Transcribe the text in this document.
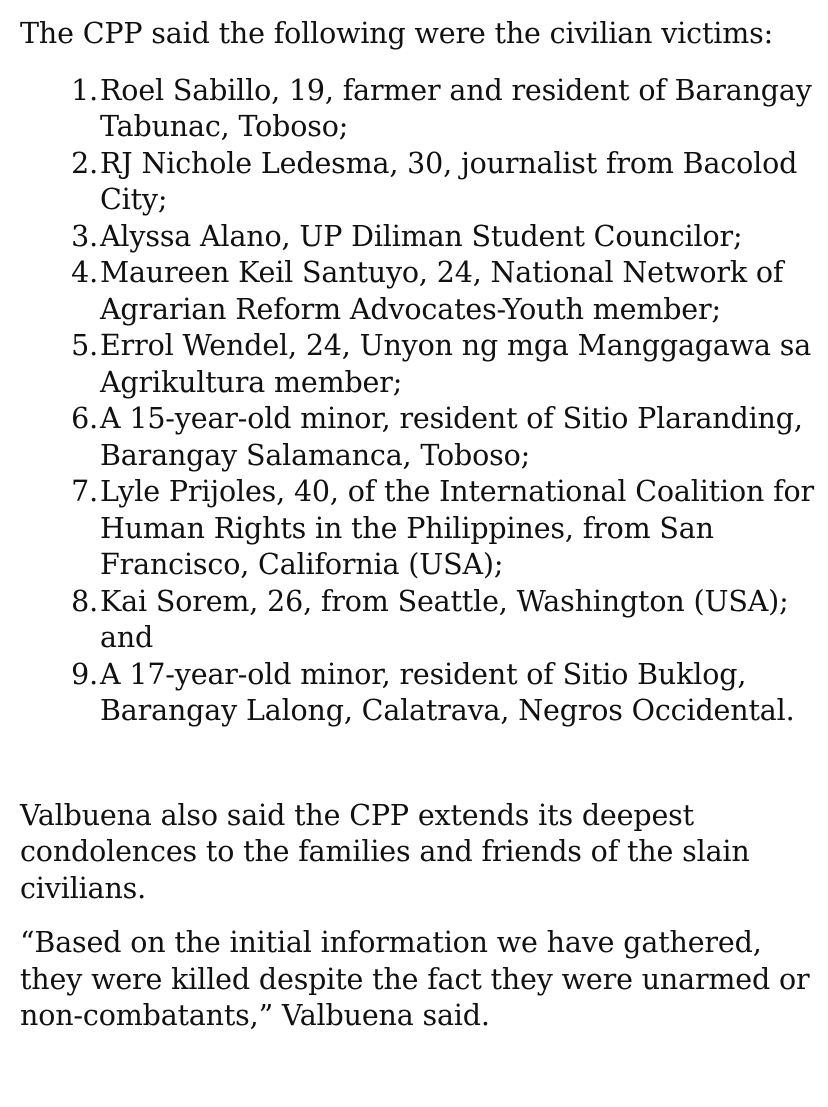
The CPP said the following were the civilian victims:

1. Roel Sabillo, 19, farmer and resident of Barangay Tabunac, Toboso;
2. RJ Nichole Ledesma, 30, journalist from Bacolod City;
3. Alyssa Alano, UP Diliman Student Councilor;
4. Maureen Keil Santuyo, 24, National Network of Agrarian Reform Advocates-Youth member;
5. Errol Wendel, 24, Unyon ng mga Manggagawa sa Agrikultura member;
6. A 15-year-old minor, resident of Sitio Plaranding, Barangay Salamanca, Toboso;
7. Lyle Prijoles, 40, of the International Coalition for Human Rights in the Philippines, from San Francisco, California (USA);
8. Kai Sorem, 26, from Seattle, Washington (USA); and
9. A 17-year-old minor, resident of Sitio Buklog, Barangay Lalong, Calatrava, Negros Occidental.

Valbuena also said the CPP extends its deepest condolences to the families and friends of the slain civilians.

“Based on the initial information we have gathered, they were killed despite the fact they were unarmed or non-combatants,” Valbuena said.
